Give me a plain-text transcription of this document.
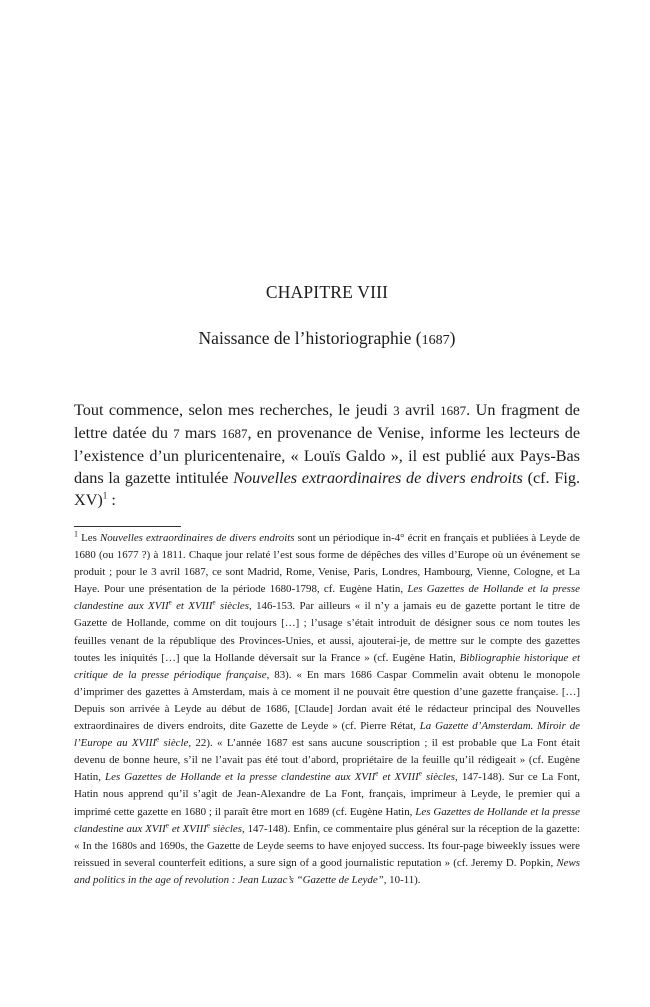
CHAPITRE VIII
Naissance de l’historiographie (1687)

Tout commence, selon mes recherches, le jeudi 3 avril 1687. Un fragment de lettre datée du 7 mars 1687, en provenance de Venise, informe les lecteurs de l’existence d’un pluricentenaire, « Louïs Galdo », il est publié aux Pays-Bas dans la gazette intitulée Nouvelles extraordinaires de divers endroits (cf. Fig. XV)$^1$ :

$^1$ Les Nouvelles extraordinaires de divers endroits sont un périodique in-4° écrit en français et publiées à Leyde de 1680 (ou 1677 ?) à 1811. Chaque jour relaté l’est sous forme de dépêches des villes d’Europe où un événement se produit ; pour le 3 avril 1687, ce sont Madrid, Rome, Venise, Paris, Londres, Hambourg, Vienne, Cologne, et La Haye. Pour une présentation de la période 1680-1798, cf. Eugène Hatin, Les Gazettes de Hollande et la presse clandestine aux XVIIe et XVIIIe siècles, 146-153. Par ailleurs « il n’y a jamais eu de gazette portant le titre de Gazette de Hollande, comme on dit toujours […] ; l’usage s’était introduit de désigner sous ce nom toutes les feuilles venant de la république des Provinces-Unies, et aussi, ajouterai-je, de mettre sur le compte des gazettes toutes les iniquités […] que la Hollande déversait sur la France » (cf. Eugène Hatin, Bibliographie historique et critique de la presse périodique française, 83). « En mars 1686 Caspar Commelin avait obtenu le monopole d’imprimer des gazettes à Amsterdam, mais à ce moment il ne pouvait être question d’une gazette française. […] Depuis son arrivée à Leyde au début de 1686, [Claude] Jordan avait été le rédacteur principal des Nouvelles extraordinaires de divers endroits, dite Gazette de Leyde » (cf. Pierre Rétat, La Gazette d’Amsterdam. Miroir de l’Europe au XVIIIe siècle, 22). « L’année 1687 est sans aucune souscription ; il est probable que La Font était devenu de bonne heure, s’il ne l’avait pas été tout d’abord, propriétaire de la feuille qu’il rédigeait » (cf. Eugène Hatin, Les Gazettes de Hollande et la presse clandestine aux XVIIe et XVIIIe siècles, 147-148). Sur ce La Font, Hatin nous apprend qu’il s’agit de Jean-Alexandre de La Font, français, imprimeur à Leyde, le premier qui a imprimé cette gazette en 1680 ; il paraît être mort en 1689 (cf. Eugène Hatin, Les Gazettes de Hollande et la presse clandestine aux XVIIe et XVIIIe siècles, 147-148). Enfin, ce commentaire plus général sur la réception de la gazette: « In the 1680s and 1690s, the Gazette de Leyde seems to have enjoyed success. Its four-page biweekly issues were reissued in several counterfeit editions, a sure sign of a good journalistic reputation » (cf. Jeremy D. Popkin, News and politics in the age of revolution : Jean Luzac’s “Gazette de Leyde”, 10-11).
